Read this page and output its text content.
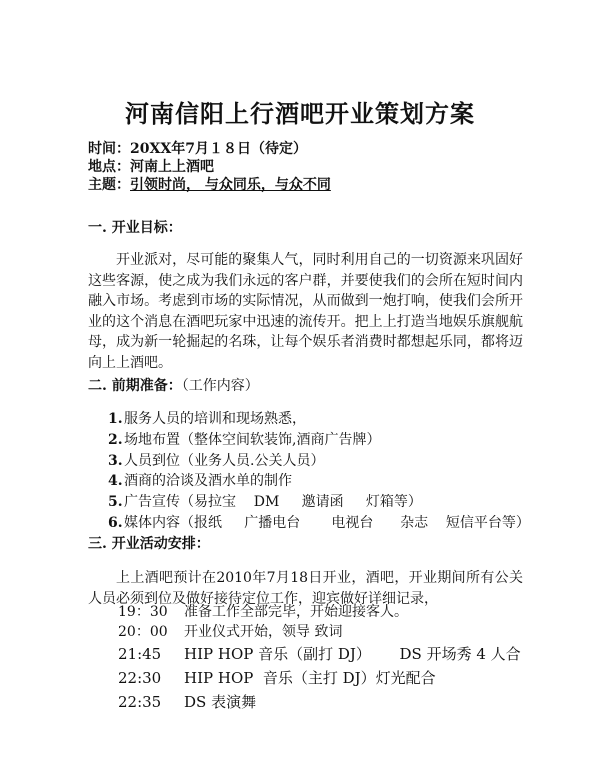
河南信阳上行酒吧开业策划方案
时间：20XX年7月１８日（待定）
地点：河南上上酒吧
主题：引领时尚， 与众同乐，与众不同
一. 开业目标：
开业派对，尽可能的聚集人气，同时利用自己的一切资源来巩固好这些客源，使之成为我们永远的客户群，并要使我们的会所在短时间内融入市场。考虑到市场的实际情况，从而做到一炮打响，使我们会所开业的这个消息在酒吧玩家中迅速的流传开。把上上打造当地娱乐旗舰航母，成为新一轮掘起的名珠，让每个娱乐者消费时都想起乐同，都将迈向上上酒吧。
二. 前期准备：（工作内容）
1.服务人员的培训和现场熟悉，
2.场地布置（整体空间软装饰,酒商广告牌）
3.人员到位（业务人员.公关人员）
4.酒商的洽谈及酒水单的制作
5.广告宣传（易拉宝    DM     邀请函     灯箱等）
6.媒体内容（报纸     广播电台       电视台      杂志    短信平台等）
三. 开业活动安排：
上上酒吧预计在2010年7月18日开业，酒吧，开业期间所有公关人员必须到位及做好接待定位工作，迎宾做好详细记录，
19：30 准备工作全部完毕，开始迎接客人。
20：00 开业仪式开始，领导 致词
21:45 HIP HOP 音乐（副打 DJ）      DS 开场秀 4 人合
22:30 HIP HOP  音乐（主打 DJ）灯光配合
22:35 DS 表演舞
